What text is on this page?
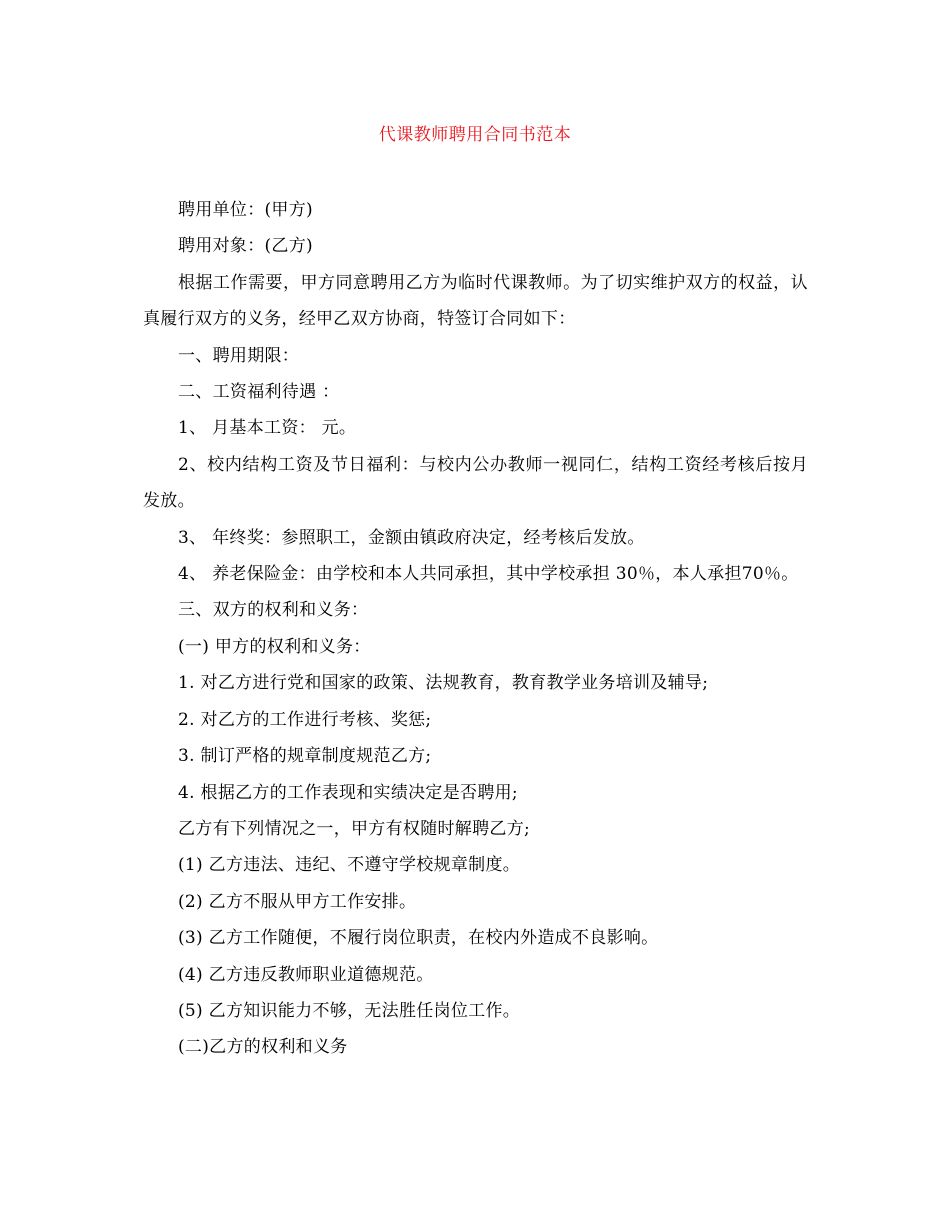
代课教师聘用合同书范本

聘用单位：(甲方)

聘用对象：(乙方)

根据工作需要，甲方同意聘用乙方为临时代课教师。为了切实维护双方的权益，认真履行双方的义务，经甲乙双方协商，特签订合同如下：

一、聘用期限：

二、工资福利待遇 ：

1、 月基本工资： 元。

2、校内结构工资及节日福利：与校内公办教师一视同仁，结构工资经考核后按月发放。

3、 年终奖：参照职工，金额由镇政府决定，经考核后发放。

4、 养老保险金：由学校和本人共同承担，其中学校承担 30％，本人承担70％。

三、双方的权利和义务：

(一) 甲方的权利和义务：

1. 对乙方进行党和国家的政策、法规教育，教育教学业务培训及辅导;

2. 对乙方的工作进行考核、奖惩;

3. 制订严格的规章制度规范乙方;

4. 根据乙方的工作表现和实绩决定是否聘用;

乙方有下列情况之一，甲方有权随时解聘乙方;

(1) 乙方违法、违纪、不遵守学校规章制度。

(2) 乙方不服从甲方工作安排。

(3) 乙方工作随便，不履行岗位职责，在校内外造成不良影响。

(4) 乙方违反教师职业道德规范。

(5) 乙方知识能力不够，无法胜任岗位工作。

(二)乙方的权利和义务
